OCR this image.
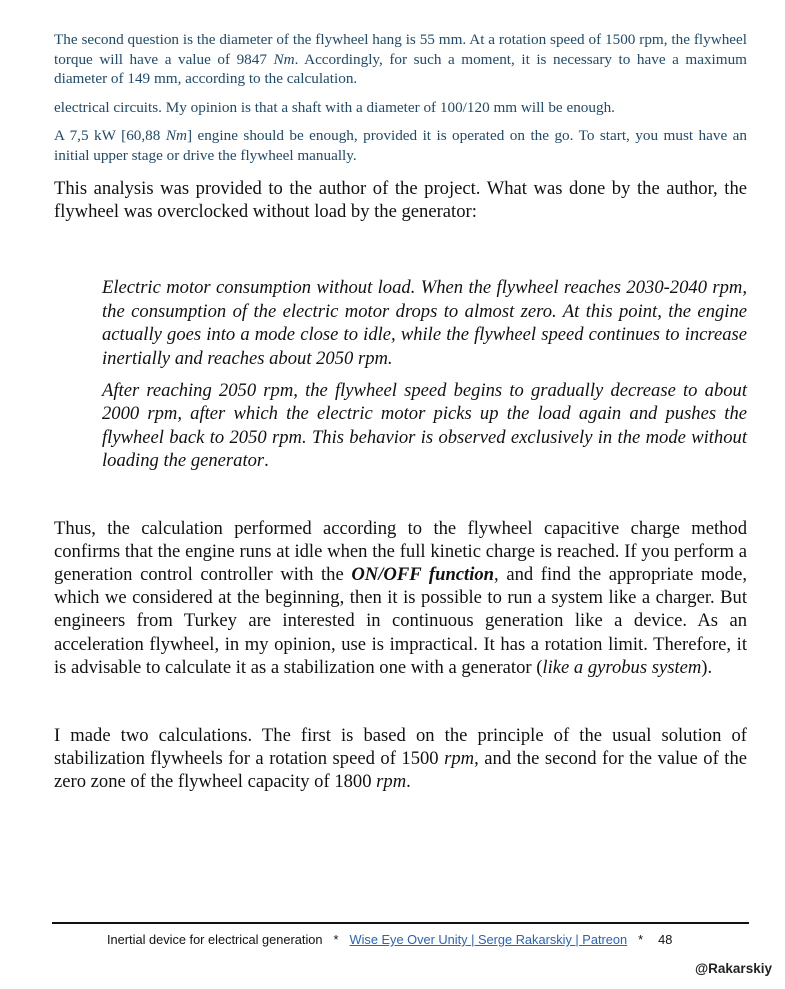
The second question is the diameter of the flywheel hang is 55 mm. At a rotation speed of 1500 rpm, the flywheel torque will have a value of 9847 Nm. Accordingly, for such a moment, it is necessary to have a maximum diameter of 149 mm, according to the calculation.

electrical circuits. My opinion is that a shaft with a diameter of 100/120 mm will be enough.

A 7,5 kW [60,88 Nm] engine should be enough, provided it is operated on the go. To start, you must have an initial upper stage or drive the flywheel manually.

This analysis was provided to the author of the project. What was done by the author, the flywheel was overclocked without load by the generator:

Electric motor consumption without load. When the flywheel reaches 2030-2040 rpm, the consumption of the electric motor drops to almost zero. At this point, the engine actually goes into a mode close to idle, while the flywheel speed continues to increase inertially and reaches about 2050 rpm.

After reaching 2050 rpm, the flywheel speed begins to gradually decrease to about 2000 rpm, after which the electric motor picks up the load again and pushes the flywheel back to 2050 rpm. This behavior is observed exclusively in the mode without loading the generator.

Thus, the calculation performed according to the flywheel capacitive charge method confirms that the engine runs at idle when the full kinetic charge is reached. If you perform a generation control controller with the ON/OFF function, and find the appropriate mode, which we considered at the beginning, then it is possible to run a system like a charger. But engineers from Turkey are interested in continuous generation like a device. As an acceleration flywheel, in my opinion, use is impractical. It has a rotation limit. Therefore, it is advisable to calculate it as a stabilization one with a generator (like a gyrobus system).

I made two calculations. The first is based on the principle of the usual solution of stabilization flywheels for a rotation speed of 1500 rpm, and the second for the value of the zero zone of the flywheel capacity of 1800 rpm.

Inertial device for electrical generation * Wise Eye Over Unity | Serge Rakarskiy | Patreon * 48
@Rakarskiy
